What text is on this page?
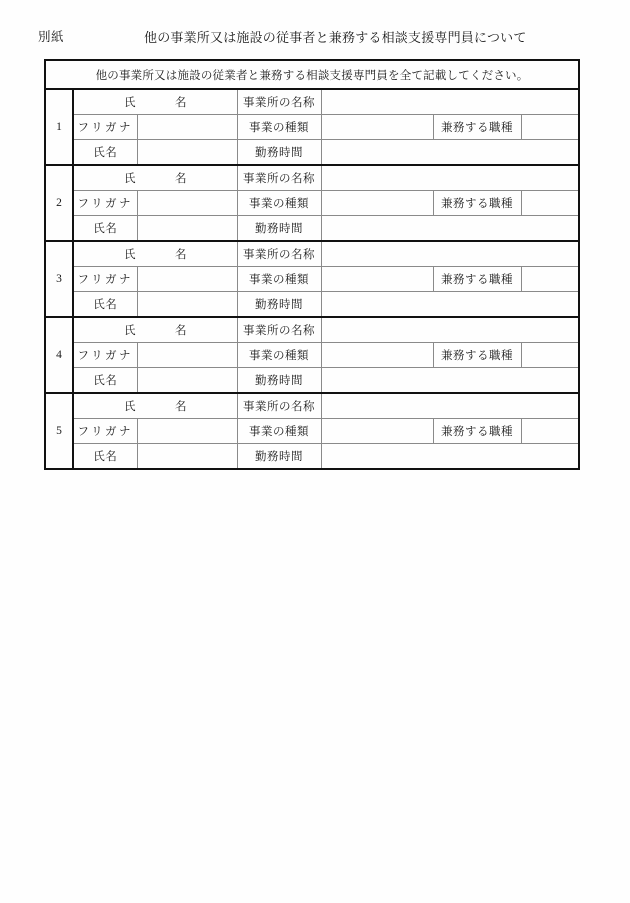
別紙	他の事業所又は施設の従事者と兼務する相談支援専門員について
他の事業所又は施設の従業者と兼務する相談支援専門員を全て記載してください。						
1	氏　名		事業所の名称			
	フリガナ		事業の種類		兼務する職種	
	氏名		勤務時間			
2	氏　名		事業所の名称			
	フリガナ		事業の種類		兼務する職種	
	氏名		勤務時間			
3	氏　名		事業所の名称			
	フリガナ		事業の種類		兼務する職種	
	氏名		勤務時間			
4	氏　名		事業所の名称			
	フリガナ		事業の種類		兼務する職種	
	氏名		勤務時間			
5	氏　名		事業所の名称			
	フリガナ		事業の種類		兼務する職種	
	氏名		勤務時間			
